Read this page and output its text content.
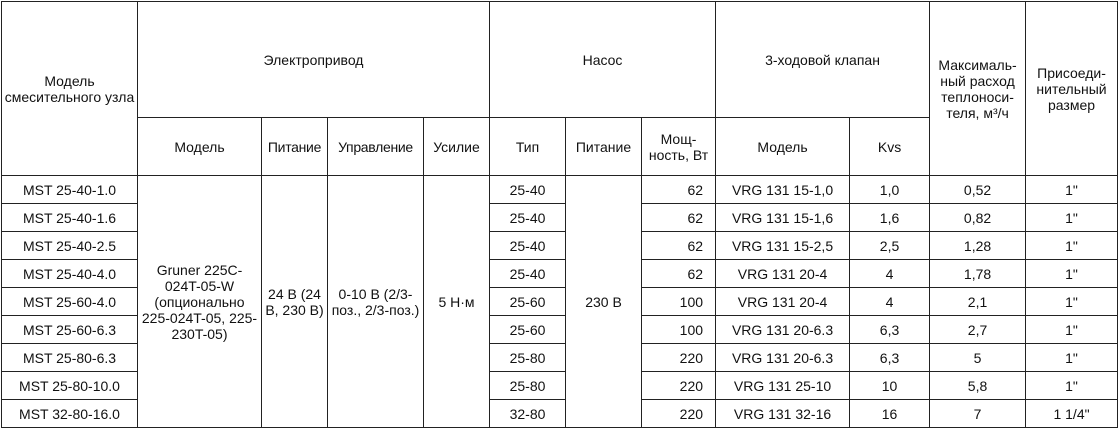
Модель смесительного узла	Электропривод				Насос			3-ходовой клапан		Максималь-ный расход теплоноси-теля, м³/ч	Присоеди-нительный размер
	Модель	Питание	Управление	Усилие	Тип	Питание	Мощ-ность, Вт	Модель	Kvs		
MST 25-40-1.0	Gruner 225C-024T-05-W (опционально 225-024T-05, 225-230T-05)	24 В (24 В, 230 В)	0-10 В (2/3-поз., 2/3-поз.)	5 Н·м	25-40	230 В	62	VRG 131 15-1,0	1,0	0,52	1"
MST 25-40-1.6					25-40		62	VRG 131 15-1,6	1,6	0,82	1"
MST 25-40-2.5					25-40		62	VRG 131 15-2,5	2,5	1,28	1"
MST 25-40-4.0					25-40		62	VRG 131 20-4	4	1,78	1"
MST 25-60-4.0					25-60		100	VRG 131 20-4	4	2,1	1"
MST 25-60-6.3					25-60		100	VRG 131 20-6.3	6,3	2,7	1"
MST 25-80-6.3					25-80		220	VRG 131 20-6.3	6,3	5	1"
MST 25-80-10.0					25-80		220	VRG 131 25-10	10	5,8	1"
MST 32-80-16.0					32-80		220	VRG 131 32-16	16	7	1 1/4"
